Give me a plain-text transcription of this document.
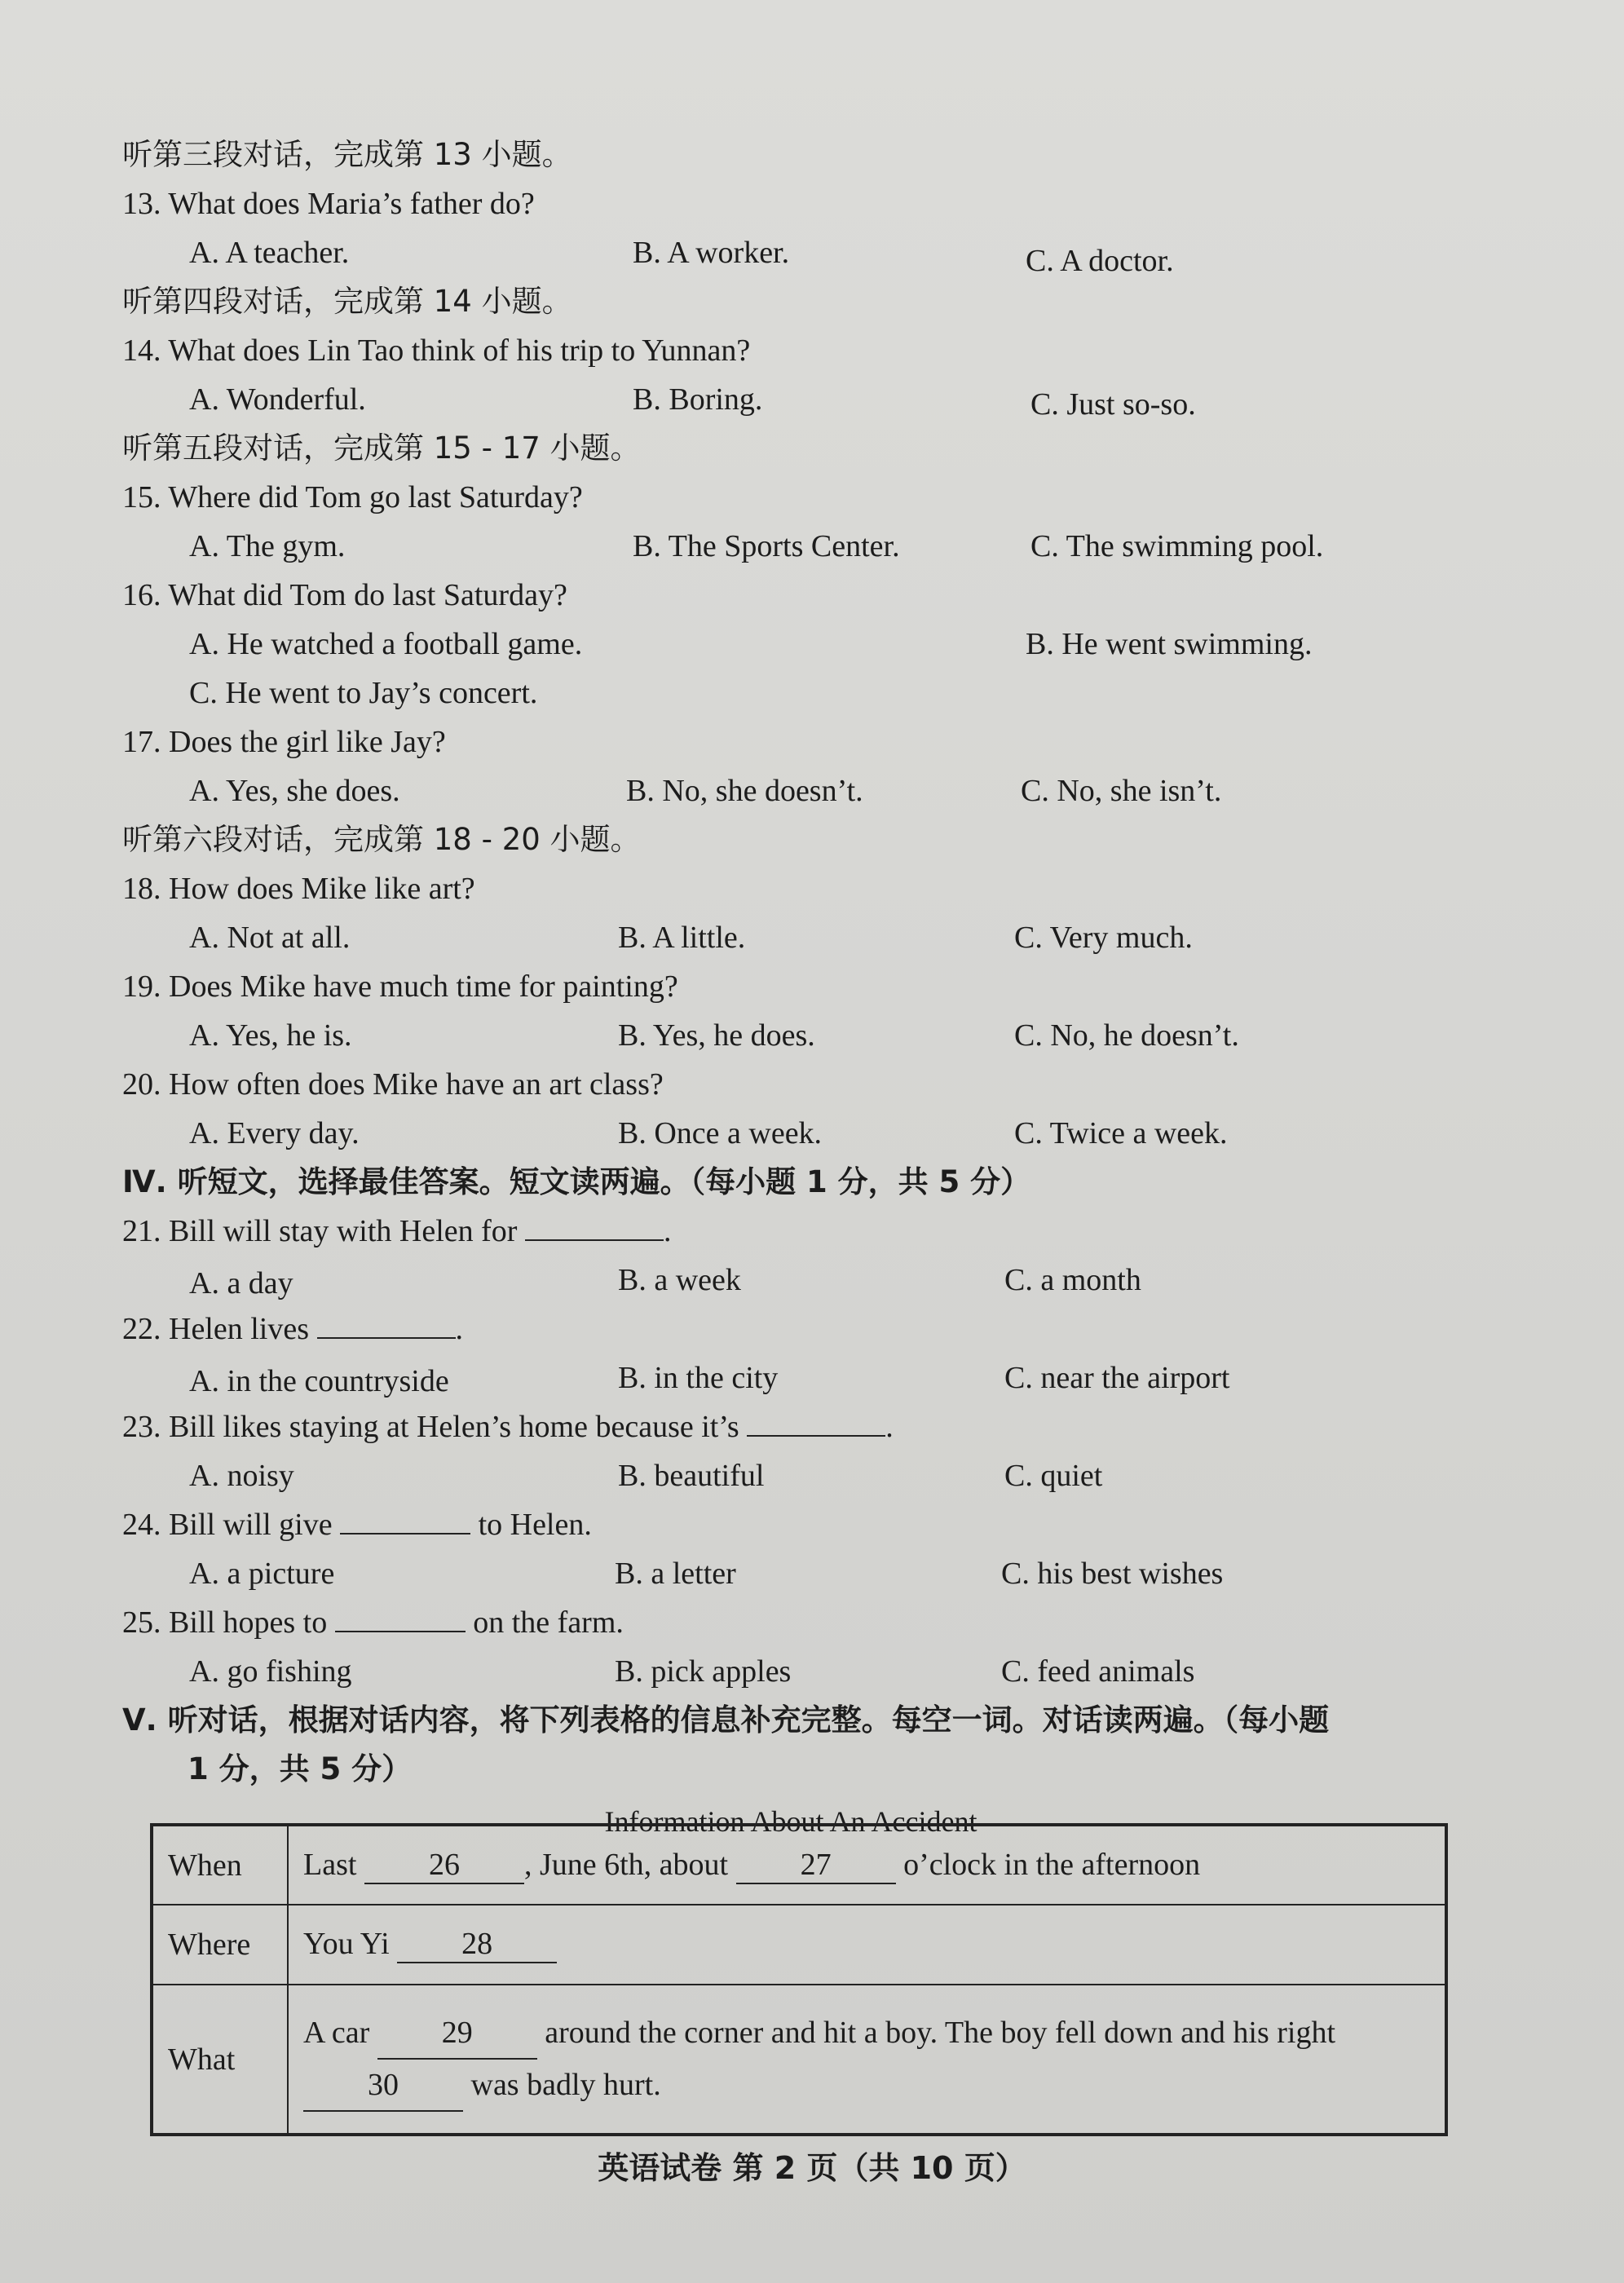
听第三段对话，完成第 13 小题。
13. What does Maria’s father do?
A. A teacher.	B. A worker.	C. A doctor.
听第四段对话，完成第 14 小题。
14. What does Lin Tao think of his trip to Yunnan?
A. Wonderful.	B. Boring.	C. Just so-so.
听第五段对话，完成第 15 - 17 小题。
15. Where did Tom go last Saturday?
A. The gym.	B. The Sports Center.	C. The swimming pool.
16. What did Tom do last Saturday?
A. He watched a football game.	B. He went swimming.
C. He went to Jay’s concert.
17. Does the girl like Jay?
A. Yes, she does.	B. No, she doesn’t.	C. No, she isn’t.
听第六段对话，完成第 18 - 20 小题。
18. How does Mike like art?
A. Not at all.	B. A little.	C. Very much.
19. Does Mike have much time for painting?
A. Yes, he is.	B. Yes, he does.	C. No, he doesn’t.
20. How often does Mike have an art class?
A. Every day.	B. Once a week.	C. Twice a week.
Ⅳ. 听短文，选择最佳答案。短文读两遍。（每小题 1 分，共 5 分）
21. Bill will stay with Helen for	.
A. a day	B. a week	C. a month
22. Helen lives	.
A. in the countryside	B. in the city	C. near the airport
23. Bill likes staying at Helen’s home because it’s	.
A. noisy	B. beautiful	C. quiet
24. Bill will give	to Helen.
A. a picture	B. a letter	C. his best wishes
25. Bill hopes to	on the farm.
A. go fishing	B. pick apples	C. feed animals
Ⅴ. 听对话，根据对话内容，将下列表格的信息补充完整。每空一词。对话读两遍。（每小题
1 分，共 5 分）
Information About An Accident
When	Last 26 , June 6th, about 27 o’clock in the afternoon
Where	You Yi 28
What	A car 29 around the corner and hit a boy. The boy fell down and his right
30 was badly hurt.
英语试卷 第 2 页（共 10 页）
